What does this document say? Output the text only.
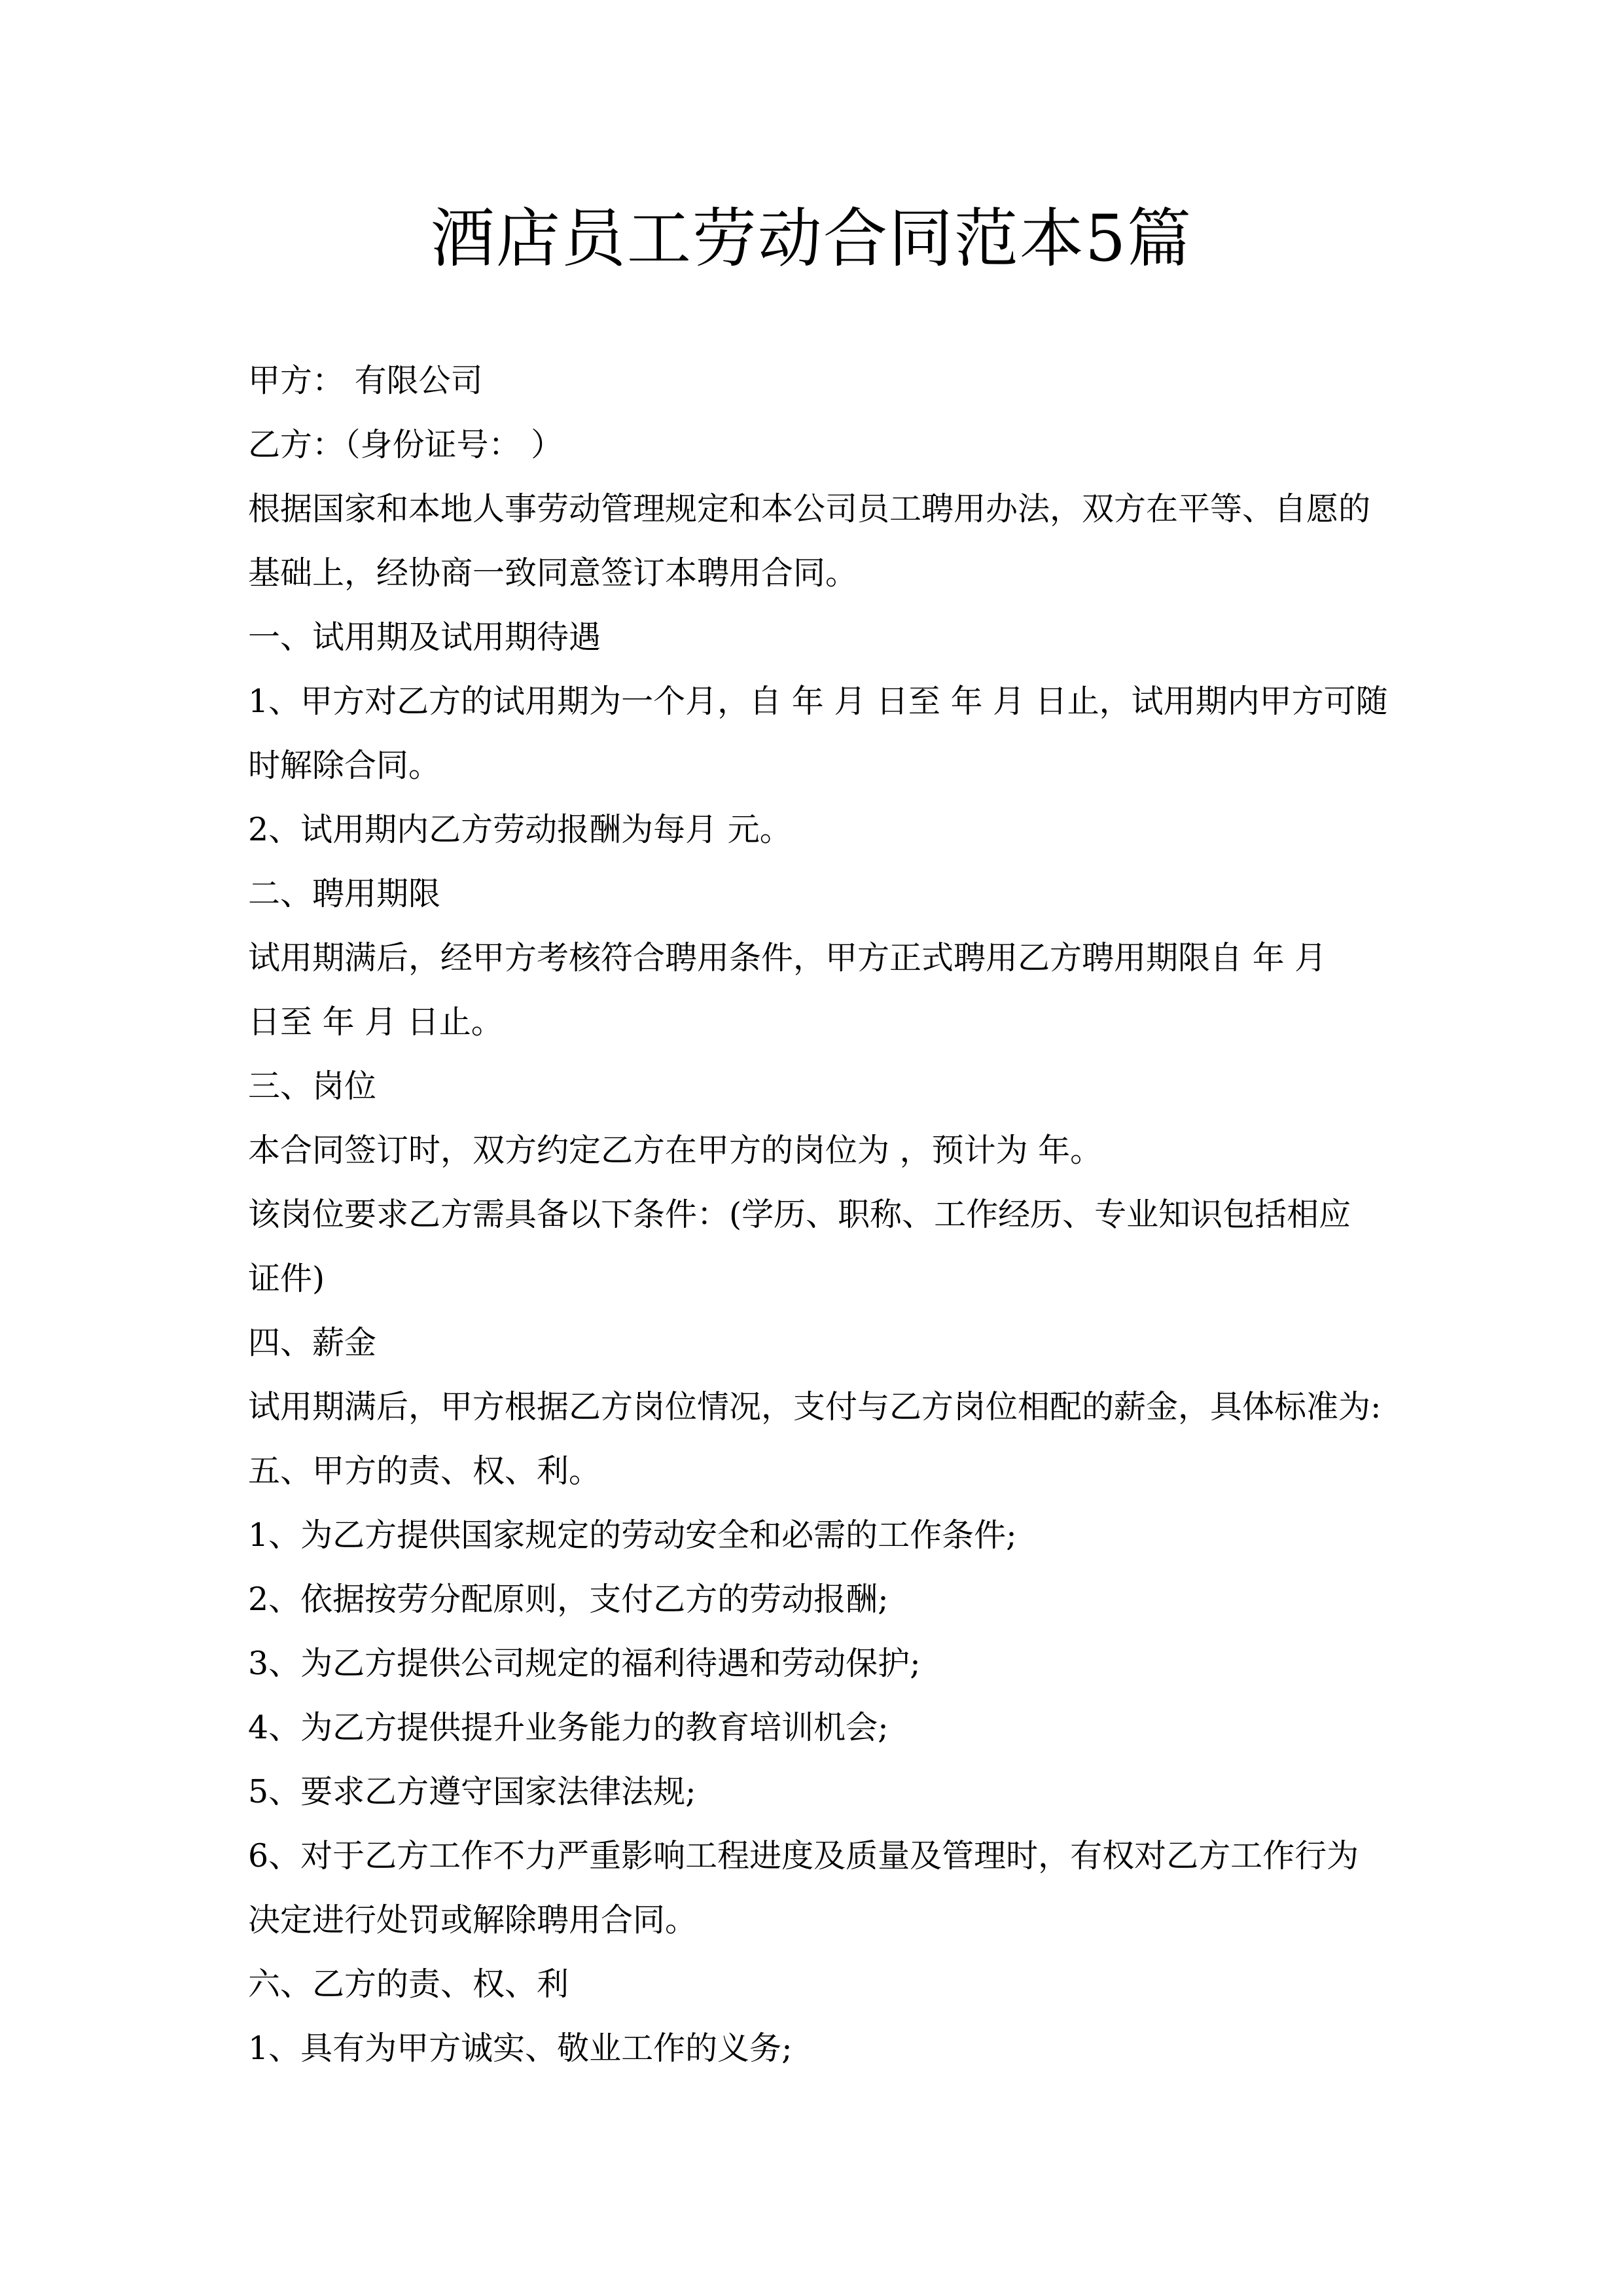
酒店员工劳动合同范本5篇
甲方： 有限公司
乙方：（身份证号： ）
根据国家和本地人事劳动管理规定和本公司员工聘用办法，双方在平等、自愿的
基础上，经协商一致同意签订本聘用合同。
一、试用期及试用期待遇
1、甲方对乙方的试用期为一个月，自 年 月 日至 年 月 日止，试用期内甲方可随
时解除合同。
2、试用期内乙方劳动报酬为每月 元。
二、聘用期限
试用期满后，经甲方考核符合聘用条件，甲方正式聘用乙方聘用期限自 年 月
日至 年 月 日止。
三、岗位
本合同签订时，双方约定乙方在甲方的岗位为 ，预计为 年。
该岗位要求乙方需具备以下条件：(学历、职称、工作经历、专业知识包括相应
证件)
四、薪金
试用期满后，甲方根据乙方岗位情况，支付与乙方岗位相配的薪金，具体标准为:
五、甲方的责、权、利。
1、为乙方提供国家规定的劳动安全和必需的工作条件;
2、依据按劳分配原则，支付乙方的劳动报酬;
3、为乙方提供公司规定的福利待遇和劳动保护;
4、为乙方提供提升业务能力的教育培训机会;
5、要求乙方遵守国家法律法规;
6、对于乙方工作不力严重影响工程进度及质量及管理时，有权对乙方工作行为
决定进行处罚或解除聘用合同。
六、乙方的责、权、利
1、具有为甲方诚实、敬业工作的义务;
